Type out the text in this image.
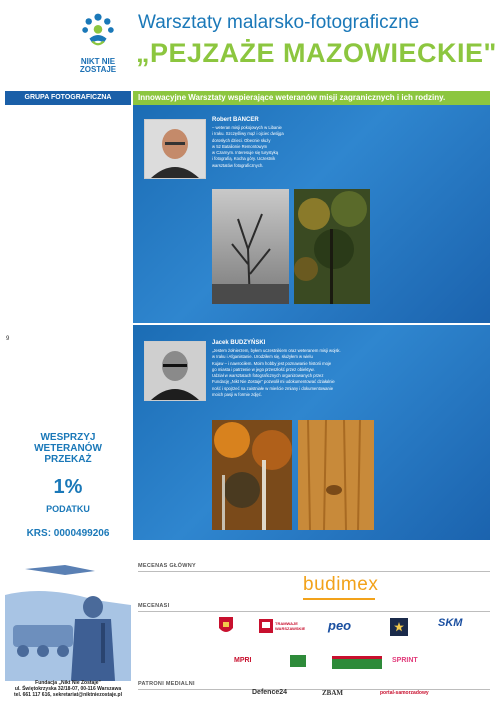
NIKT NIE
ZOSTAJE
Warsztaty malarsko-fotograficzne
„PEJZAŻE MAZOWIECKIE"
GRUPA FOTOGRAFICZNA	Innowacyjne Warsztaty wspierające weteranów misji zagranicznych i ich rodziny.
9
WESPRZYJ
WETERANÓW
PRZEKAŻ
1%
PODATKU
KRS: 0000499206
Robert BANCER
– weteran misji pokojowych w Libanie
i Iraku. Szczęśliwy mąż i ojciec dwójga
dorosłych dzieci. Obecnie służy
w 52 Batalionie Remontowym
w Czarnym. Interesuje się turystyką
i fotografią. Kocha góry. Uczestnik
warsztatów fotograficznych.
Jacek BUDZYŃSKI
„Jestem żołnierzem, byłem uczestnikiem oraz weteranem misji wojsk.
w Iraku i Afganistanie. Urodziłem się, służyłem w wielu
Kujaw – i nawrociłem. Moim hobby jest poznawanie historii moje
go miasta i patrzenie w jego przeszłość przez obiektyw.
Udział w warsztatach fotograficznych organizowanych przez
Fundację „Nikt Nie Zostaje" pozwolił mi udokumentować działalnie
ność i spojrzeć na zaistniałe w mieście zmiany i dokumentowanie
moich pasji w formie zdjęć.
Fundacja „Nikt Nie Zostaje"
ul. Świętokrzyska 32/18-07, 00-116 Warszawa
tel. 661 117 616, sekretariat@niktniezostaje.pl
MECENAS GŁÓWNY
budimex
MECENASI
TRAMWAJE WARSZAWSKIE peo	SKM
PATRONI MEDIALNI
MPRI	SPRINT
Defence24	ZBAM	portal-samorzadowy
